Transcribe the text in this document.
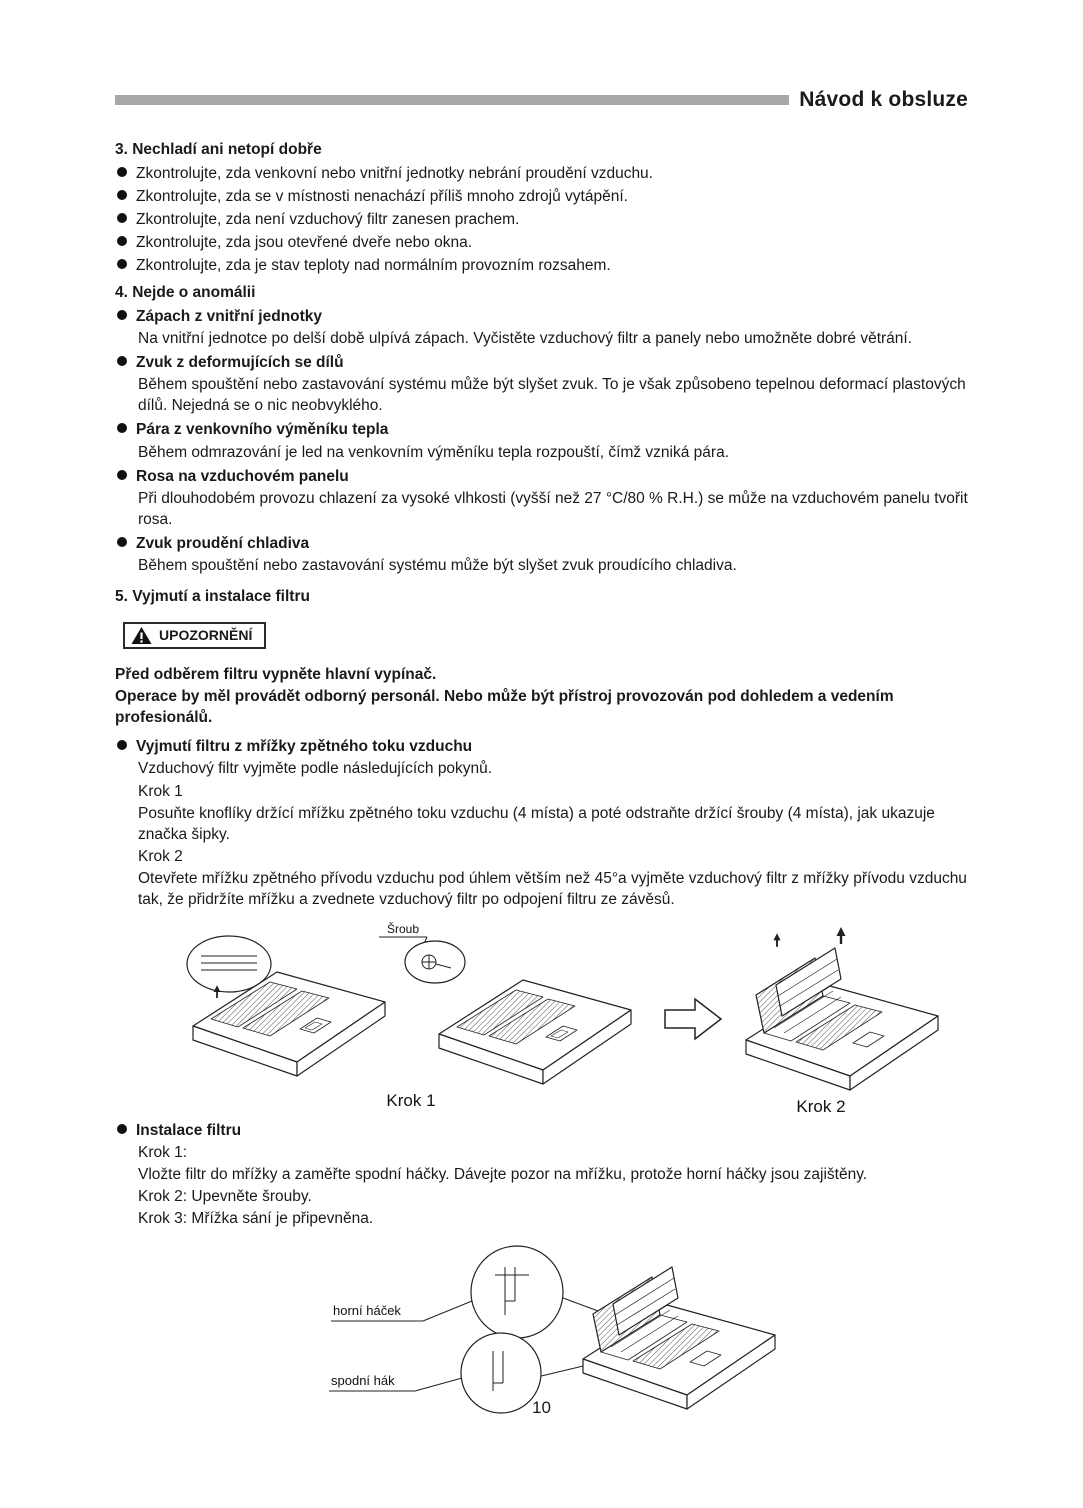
Návod k obsluze
3. Nechladí ani netopí dobře
Zkontrolujte, zda venkovní nebo vnitřní jednotky nebrání proudění vzduchu.
Zkontrolujte, zda se v místnosti nenachází příliš mnoho zdrojů vytápění.
Zkontrolujte, zda není vzduchový filtr zanesen prachem.
Zkontrolujte, zda jsou otevřené dveře nebo okna.
Zkontrolujte, zda je stav teploty nad normálním provozním rozsahem.
4. Nejde o anomálii
Zápach z vnitřní jednotky

Na vnitřní jednotce po delší době ulpívá zápach. Vyčistěte vzduchový filtr a panely nebo umožněte dobré větrání.

Zvuk z deformujících se dílů

Během spouštění nebo zastavování systému může být slyšet zvuk. To je však způsobeno tepelnou deformací plastových dílů. Nejedná se o nic neobvyklého.

Pára z venkovního výměníku tepla

Během odmrazování je led na venkovním výměníku tepla rozpouští, čímž vzniká pára.

Rosa na vzduchovém panelu

Při dlouhodobém provozu chlazení za vysoké vlhkosti (vyšší než 27 °C/80 % R.H.) se může na vzduchovém panelu tvořit rosa.

Zvuk proudění chladiva

Během spouštění nebo zastavování systému může být slyšet zvuk proudícího chladiva.

5. Vyjmutí a instalace filtru
UPOZORNĚNÍ

Před odběrem filtru vypněte hlavní vypínač.

Operace by měl provádět odborný personál. Nebo může být přístroj provozován pod dohledem a vedením profesionálů.

Vyjmutí filtru z mřížky zpětného toku vzduchu

Vzduchový filtr vyjměte podle následujících pokynů.

Krok 1

Posuňte knoflíky držící mřížku zpětného toku vzduchu (4 místa) a poté odstraňte držící šrouby (4 místa), jak ukazuje značka šipky.

Krok 2

Otevřete mřížku zpětného přívodu vzduchu pod úhlem větším než 45°a vyjměte vzduchový filtr z mřížky přívodu vzduchu tak, že přidržíte mřížku a zvednete vzduchový filtr po odpojení filtru ze závěsů.

Šroub
Krok 1	Krok 2
Instalace filtru

Krok 1:

Vložte filtr do mřížky a zaměřte spodní háčky. Dávejte pozor na mřížku, protože horní háčky jsou zajištěny.

Krok 2: Upevněte šrouby.

Krok 3: Mřížka sání je připevněna.

horní háček
spodní hák
10
